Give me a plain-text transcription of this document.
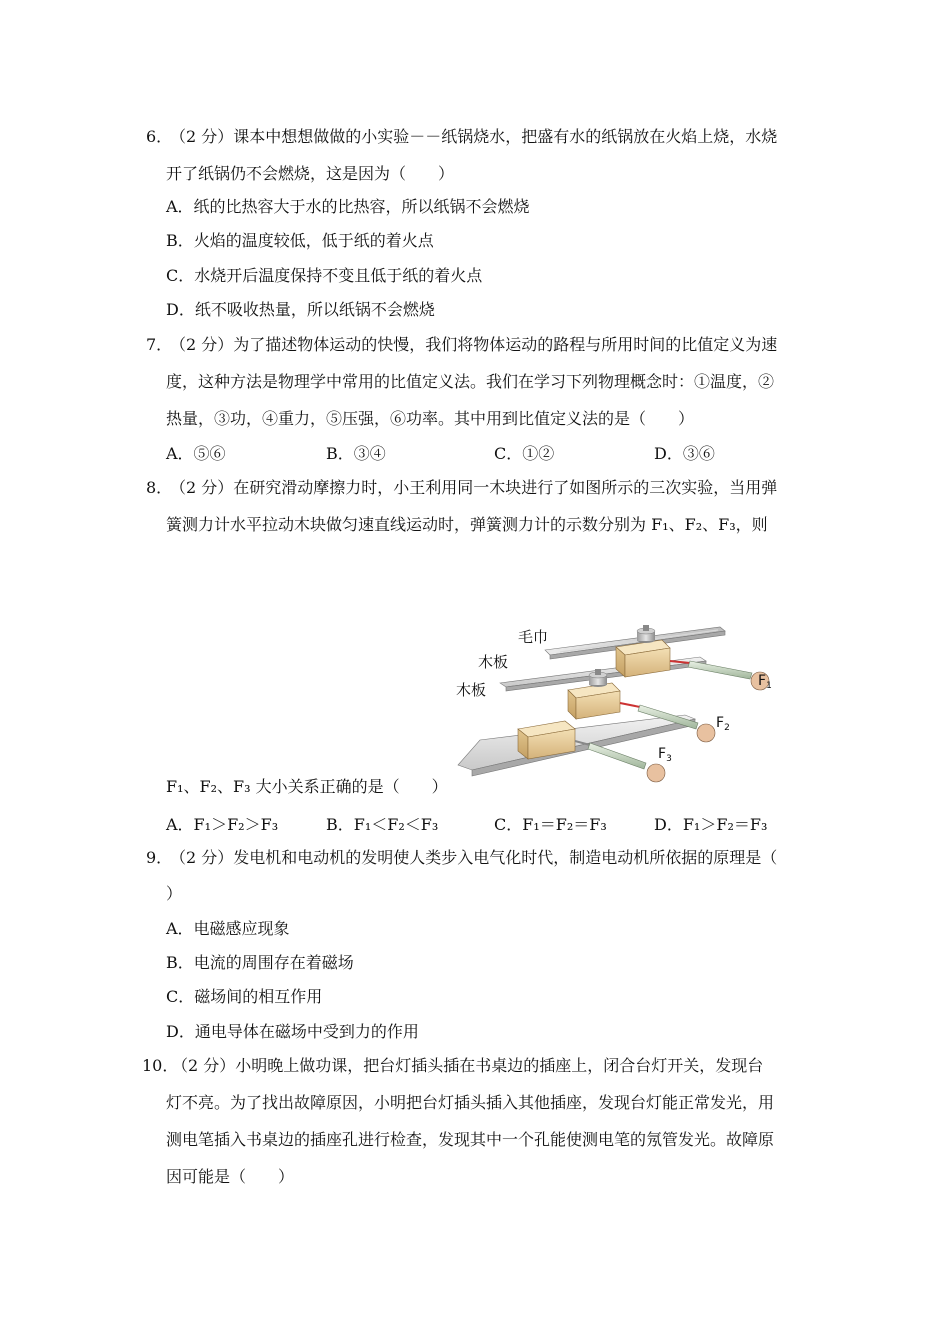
6．
（2 分）课本中想想做做的小实验－－纸锅烧水，把盛有水的纸锅放在火焰上烧，水烧
开了纸锅仍不会燃烧，这是因为（　　）
A．纸的比热容大于水的比热容，所以纸锅不会燃烧
B．火焰的温度较低，低于纸的着火点
C．水烧开后温度保持不变且低于纸的着火点
D．纸不吸收热量，所以纸锅不会燃烧
7．
（2 分）为了描述物体运动的快慢，我们将物体运动的路程与所用时间的比值定义为速
度，这种方法是物理学中常用的比值定义法。我们在学习下列物理概念时：①温度，②
热量，③功，④重力，⑤压强，⑥功率。其中用到比值定义法的是（　　）
A．⑤⑥	B．③④	C．①②	D．③⑥
8．
（2 分）在研究滑动摩擦力时，小王利用同一木块进行了如图所示的三次实验，当用弹
簧测力计水平拉动木块做匀速直线运动时，弹簧测力计的示数分别为 F₁、F₂、F₃，则
毛巾
木板
木板	$F_1$
$F_2$
$F_3$
F₁、F₂、F₃ 大小关系正确的是（　　）
A．F₁＞F₂＞F₃	B．F₁＜F₂＜F₃	C．F₁＝F₂＝F₃	D．F₁＞F₂＝F₃
9．
（2 分）发电机和电动机的发明使人类步入电气化时代，制造电动机所依据的原理是（
）
A．电磁感应现象
B．电流的周围存在着磁场
C．磁场间的相互作用
D．通电导体在磁场中受到力的作用
10．
（2 分）小明晚上做功课，把台灯插头插在书桌边的插座上，闭合台灯开关，发现台
灯不亮。为了找出故障原因，小明把台灯插头插入其他插座，发现台灯能正常发光，用
测电笔插入书桌边的插座孔进行检查，发现其中一个孔能使测电笔的氖管发光。故障原
因可能是（　　）
